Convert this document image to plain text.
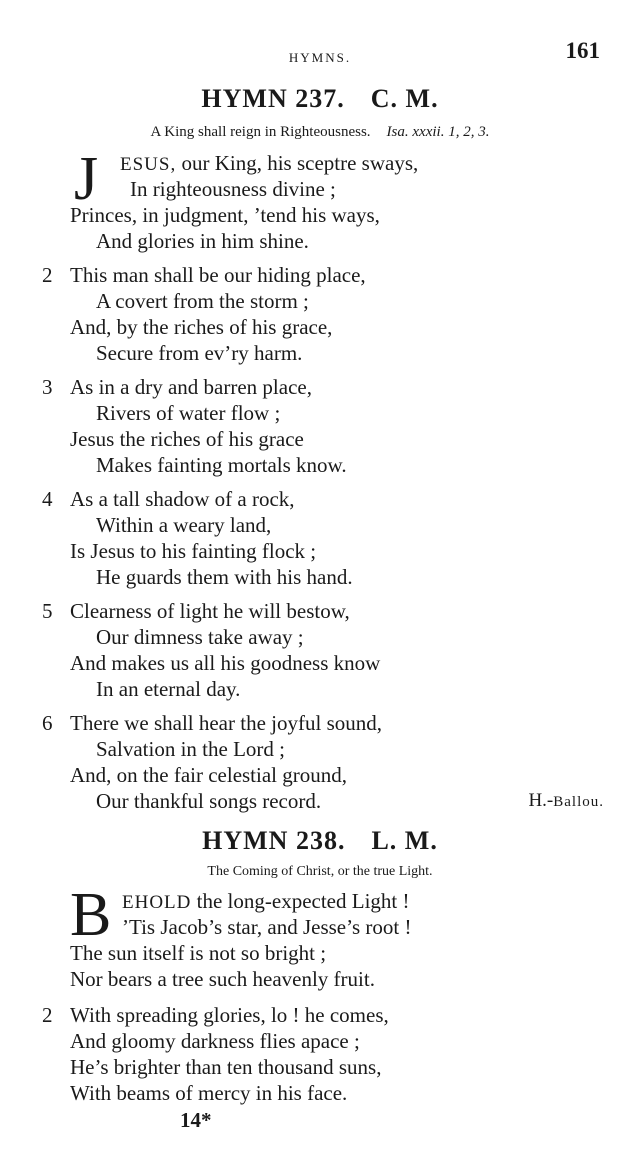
HYMNS.	161
HYMN 237. C. M.
A King shall reign in Righteousness. Isa. xxxii. 1, 2, 3.
J ESUS, our King, his sceptre sways,
In righteousness divine ;
Princes, in judgment, ’tend his ways,
And glories in him shine.
2 This man shall be our hiding place,
A covert from the storm ;
And, by the riches of his grace,
Secure from ev’ry harm.
3 As in a dry and barren place,
Rivers of water flow ;
Jesus the riches of his grace
Makes fainting mortals know.
4 As a tall shadow of a rock,
Within a weary land,
Is Jesus to his fainting flock ;
He guards them with his hand.
5 Clearness of light he will bestow,
Our dimness take away ;
And makes us all his goodness know
In an eternal day.
6 There we shall hear the joyful sound,
Salvation in the Lord ;
And, on the fair celestial ground,
Our thankful songs record.	H.-Ballou.
HYMN 238. L. M.
The Coming of Christ, or the true Light.
B EHOLD the long-expected Light !
’Tis Jacob’s star, and Jesse’s root !
The sun itself is not so bright ;
Nor bears a tree such heavenly fruit.
2 With spreading glories, lo ! he comes,
And gloomy darkness flies apace ;
He’s brighter than ten thousand suns,
With beams of mercy in his face.
14*
